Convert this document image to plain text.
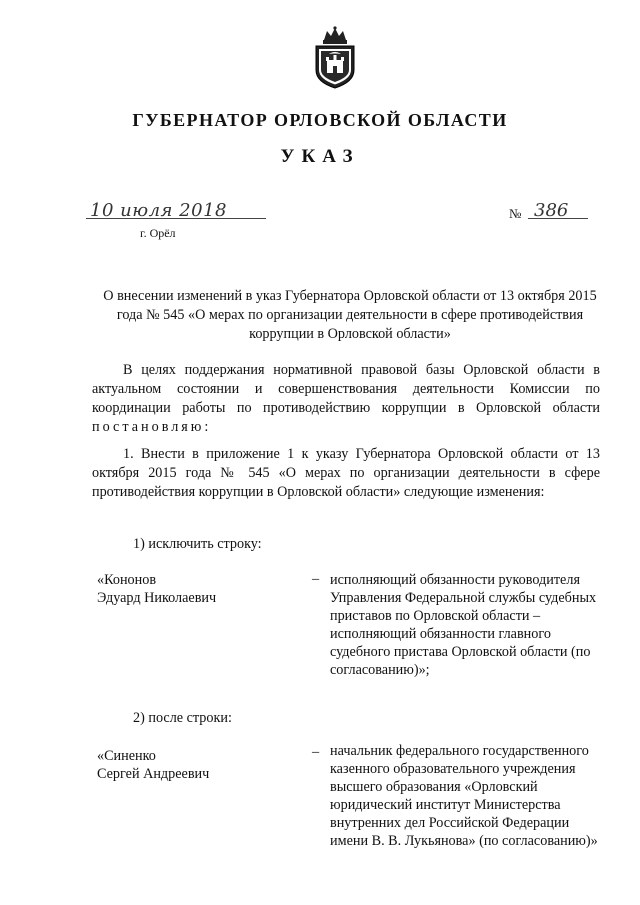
ГУБЕРНАТОР ОРЛОВСКОЙ ОБЛАСТИ
УКАЗ
10 июля 2018
г. Орёл
№ 386
О внесении изменений в указ Губернатора Орловской области от 13 октября 2015 года № 545 «О мерах по организации деятельности в сфере противодействия коррупции в Орловской области»
В целях поддержания нормативной правовой базы Орловской области в актуальном состоянии и совершенствования деятельности Комиссии по координации работы по противодействию коррупции в Орловской области постановляю:
1. Внести в приложение 1 к указу Губернатора Орловской области от 13 октября 2015 года № 545 «О мерах по организации деятельности в сфере противодействия коррупции в Орловской области» следующие изменения:
1) исключить строку:
«Кононов
Эдуард Николаевич
– исполняющий обязанности руководителя Управления Федеральной службы судебных приставов по Орловской области – исполняющий обязанности главного судебного пристава Орловской области (по согласованию)»;
2) после строки:
«Синенко
Сергей Андреевич
– начальник федерального государственного казенного образовательного учреждения высшего образования «Орловский юридический институт Министерства внутренних дел Российской Федерации имени В. В. Лукьянова» (по согласованию)»
